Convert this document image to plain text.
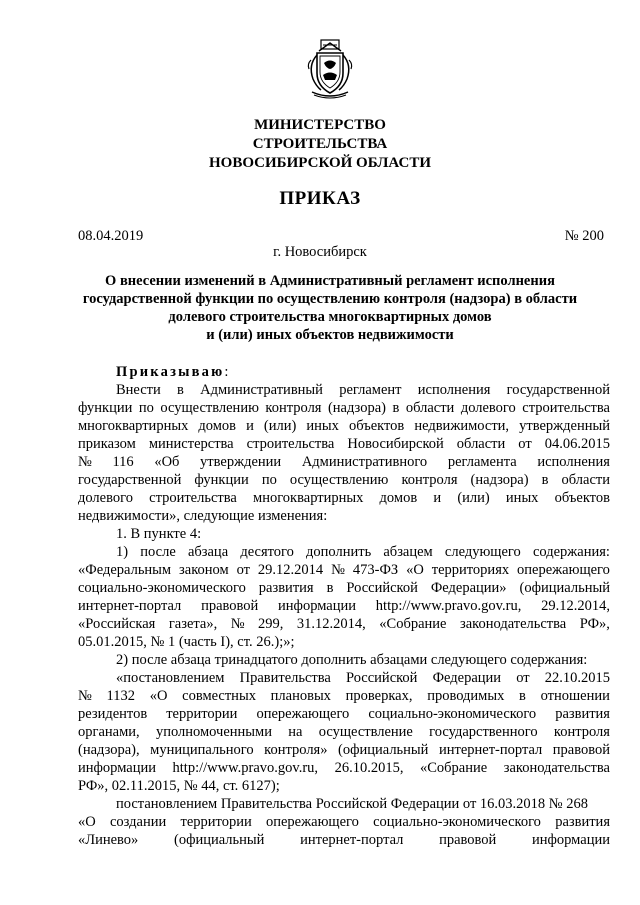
МИНИСТЕРСТВО
СТРОИТЕЛЬСТВА
НОВОСИБИРСКОЙ ОБЛАСТИ
ПРИКАЗ
08.04.2019	№ 200
г. Новосибирск
О внесении изменений в Административный регламент исполнения
государственной функции по осуществлению контроля (надзора) в области
долевого строительства многоквартирных домов
и (или) иных объектов недвижимости
Приказываю:
Внести в Административный регламент исполнения государственной
функции по осуществлению контроля (надзора) в области долевого строительства
многоквартирных домов и (или) иных объектов недвижимости, утвержденный
приказом министерства строительства Новосибирской области от 04.06.2015
№ 116 «Об утверждении Административного регламента исполнения
государственной функции по осуществлению контроля (надзора) в области
долевого строительства многоквартирных домов и (или) иных объектов
недвижимости», следующие изменения:
1. В пункте 4:
1) после абзаца десятого дополнить абзацем следующего содержания:
«Федеральным законом от 29.12.2014 № 473-ФЗ «О территориях опережающего
социально-экономического развития в Российской Федерации» (официальный
интернет-портал правовой информации http://www.pravo.gov.ru, 29.12.2014,
«Российская газета», № 299, 31.12.2014, «Собрание законодательства РФ»,
05.01.2015, № 1 (часть I), ст. 26.);»;
2) после абзаца тринадцатого дополнить абзацами следующего содержания:
«постановлением Правительства Российской Федерации от 22.10.2015
№ 1132 «О совместных плановых проверках, проводимых в отношении
резидентов территории опережающего социально-экономического развития
органами, уполномоченными на осуществление государственного контроля
(надзора), муниципального контроля» (официальный интернет-портал правовой
информации http://www.pravo.gov.ru, 26.10.2015, «Собрание законодательства
РФ», 02.11.2015, № 44, ст. 6127);
постановлением Правительства Российской Федерации от 16.03.2018 № 268
«О создании территории опережающего социально-экономического развития
«Линево» (официальный интернет-портал правовой информации
